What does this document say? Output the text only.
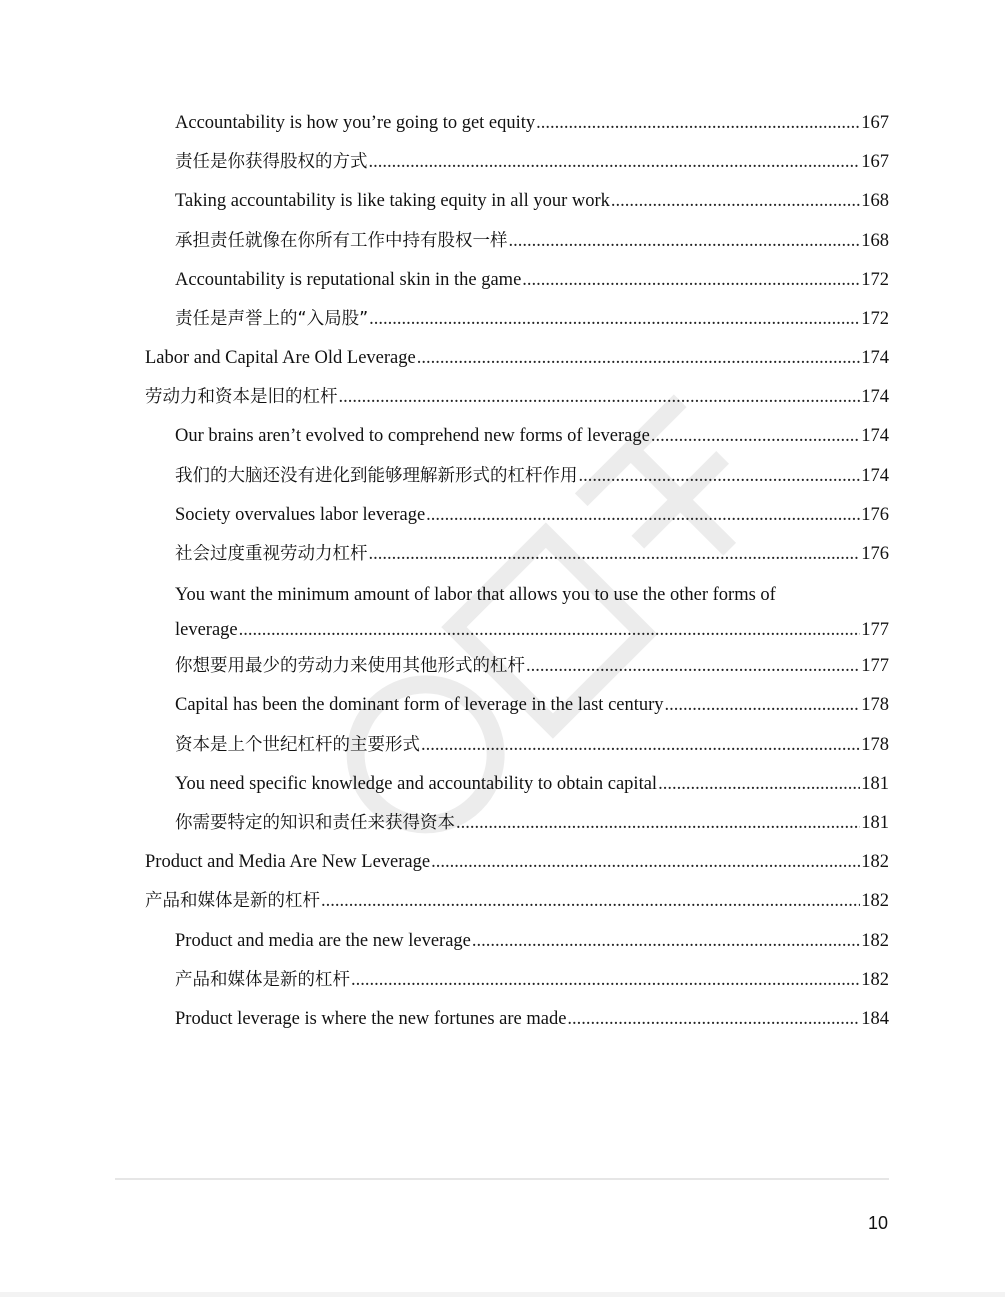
Accountability is how you’re going to get equity .....	167
责任是你获得股权的方式 .....	167
Taking accountability is like taking equity in all your work .....	168
承担责任就像在你所有工作中持有股权一样 .....	168
Accountability is reputational skin in the game .....	172
责任是声誉上的“入局股” .....	172
Labor and Capital Are Old Leverage .....	174
劳动力和资本是旧的杠杆 .....	174
Our brains aren’t evolved to comprehend new forms of leverage .....	174
我们的大脑还没有进化到能够理解新形式的杠杆作用 .....	174
Society overvalues labor leverage .....	176
社会过度重视劳动力杠杆 .....	176
You want the minimum amount of labor that allows you to use the other forms of
leverage .....	177
你想要用最少的劳动力来使用其他形式的杠杆 .....	177
Capital has been the dominant form of leverage in the last century .....	178
资本是上个世纪杠杆的主要形式 .....	178
You need specific knowledge and accountability to obtain capital .....	181
你需要特定的知识和责任来获得资本 .....	181
Product and Media Are New Leverage .....	182
产品和媒体是新的杠杆 .....	182
Product and media are the new leverage .....	182
产品和媒体是新的杠杆 .....	182
Product leverage is where the new fortunes are made .....	184
10
